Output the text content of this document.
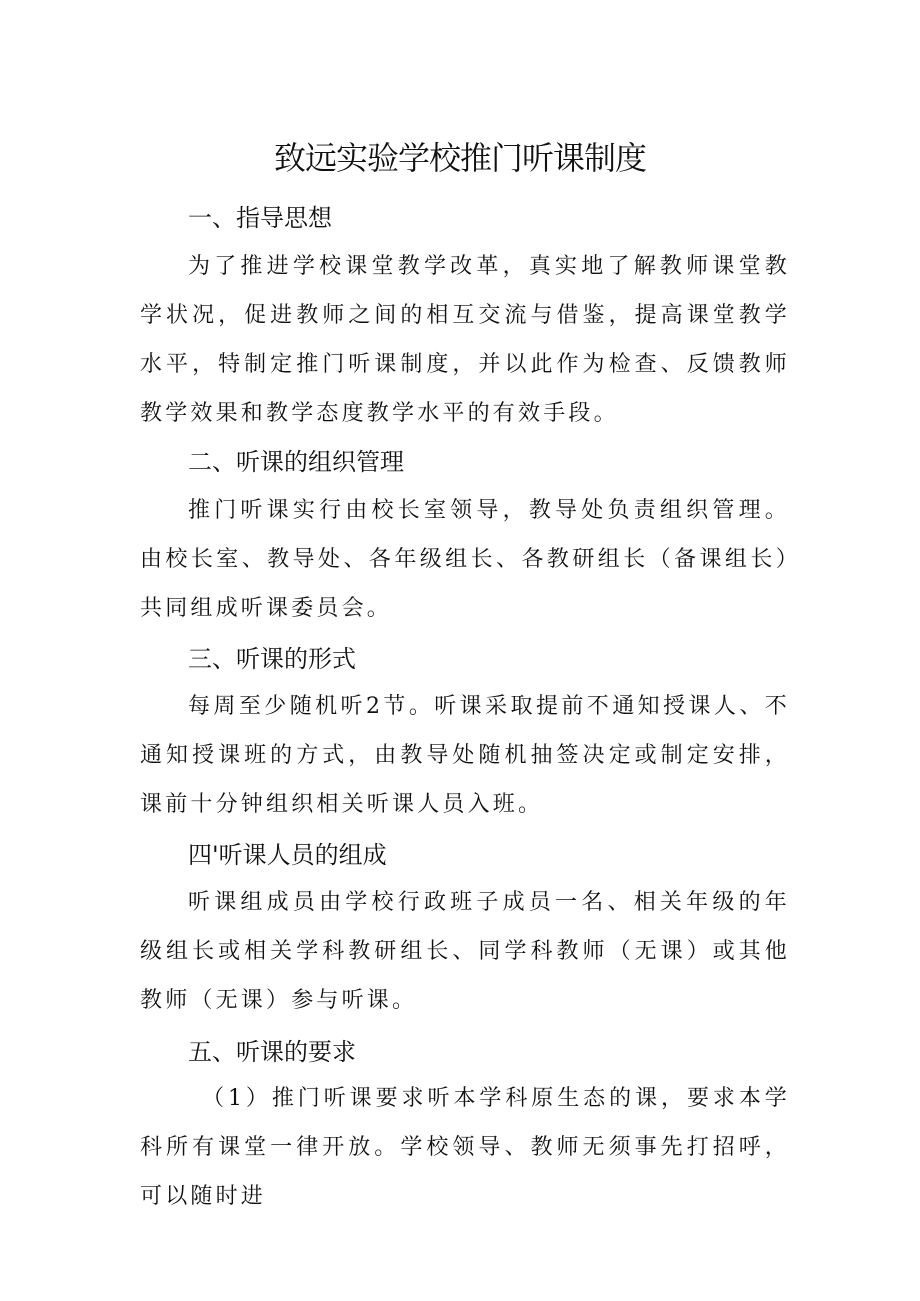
致远实验学校推门听课制度
一、指导思想

为了推进学校课堂教学改革，真实地了解教师课堂教学状况，促进教师之间的相互交流与借鉴，提高课堂教学水平，特制定推门听课制度，并以此作为检查、反馈教师教学效果和教学态度教学水平的有效手段。

二、听课的组织管理

推门听课实行由校长室领导，教导处负责组织管理。由校长室、教导处、各年级组长、各教研组长（备课组长）共同组成听课委员会。

三、听课的形式

每周至少随机听2节。听课采取提前不通知授课人、不通知授课班的方式，由教导处随机抽签决定或制定安排，课前十分钟组织相关听课人员入班。

四'听课人员的组成

听课组成员由学校行政班子成员一名、相关年级的年级组长或相关学科教研组长、同学科教师（无课）或其他教师（无课）参与听课。

五、听课的要求

（1）推门听课要求听本学科原生态的课，要求本学科所有课堂一律开放。学校领导、教师无须事先打招呼，可以随时进
